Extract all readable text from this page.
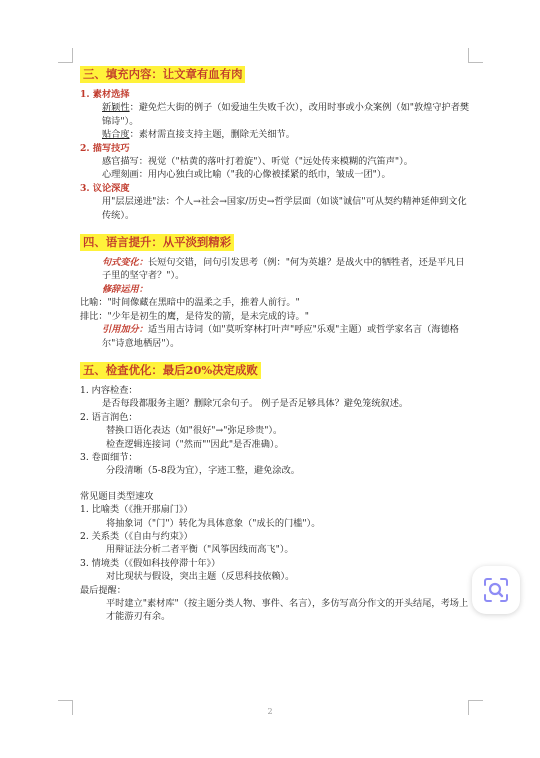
三、填充内容：让文章有血有肉
1. 素材选择
新颖性：避免烂大街的例子（如爱迪生失败千次），改用时事或小众案例（如"敦煌守护者樊锦诗"）。
贴合度：素材需直接支持主题，删除无关细节。
2. 描写技巧
感官描写：视觉（"枯黄的落叶打着旋"）、听觉（"远处传来模糊的汽笛声"）。
心理刻画：用内心独白或比喻（"我的心像被揉紧的纸巾，皱成一团"）。
3. 议论深度
用"层层递进"法：个人→社会→国家/历史→哲学层面（如谈"诚信"可从契约精神延伸到文化传统）。
四、语言提升：从平淡到精彩
句式变化：长短句交错，问句引发思考（例："何为英雄？是战火中的牺牲者，还是平凡日子里的坚守者？"）。
修辞运用：
比喻："时间像藏在黑暗中的温柔之手，推着人前行。"
排比："少年是初生的鹰，是待发的箭，是未完成的诗。"
引用加分：适当用古诗词（如"莫听穿林打叶声"呼应"乐观"主题）或哲学家名言（海德格尔"诗意地栖居"）。
五、检查优化：最后20%决定成败
1. 内容检查：
是否每段都服务主题？删除冗余句子。 例子是否足够具体？避免笼统叙述。
2. 语言润色：
替换口语化表达（如"很好"→"弥足珍贵"）。
检查逻辑连接词（"然而""因此"是否准确）。
3. 卷面细节：
分段清晰（5-8段为宜），字迹工整，避免涂改。
常见题目类型速攻
1. 比喻类（《推开那扇门》）
将抽象词（"门"）转化为具体意象（"成长的门槛"）。
2. 关系类（《自由与约束》）
用辩证法分析二者平衡（"风筝因线而高飞"）。
3. 情境类（《假如科技停滞十年》）
对比现状与假设，突出主题（反思科技依赖）。
最后提醒：
平时建立"素材库"（按主题分类人物、事件、名言），多仿写高分作文的开头结尾，考场上才能游刃有余。
2
